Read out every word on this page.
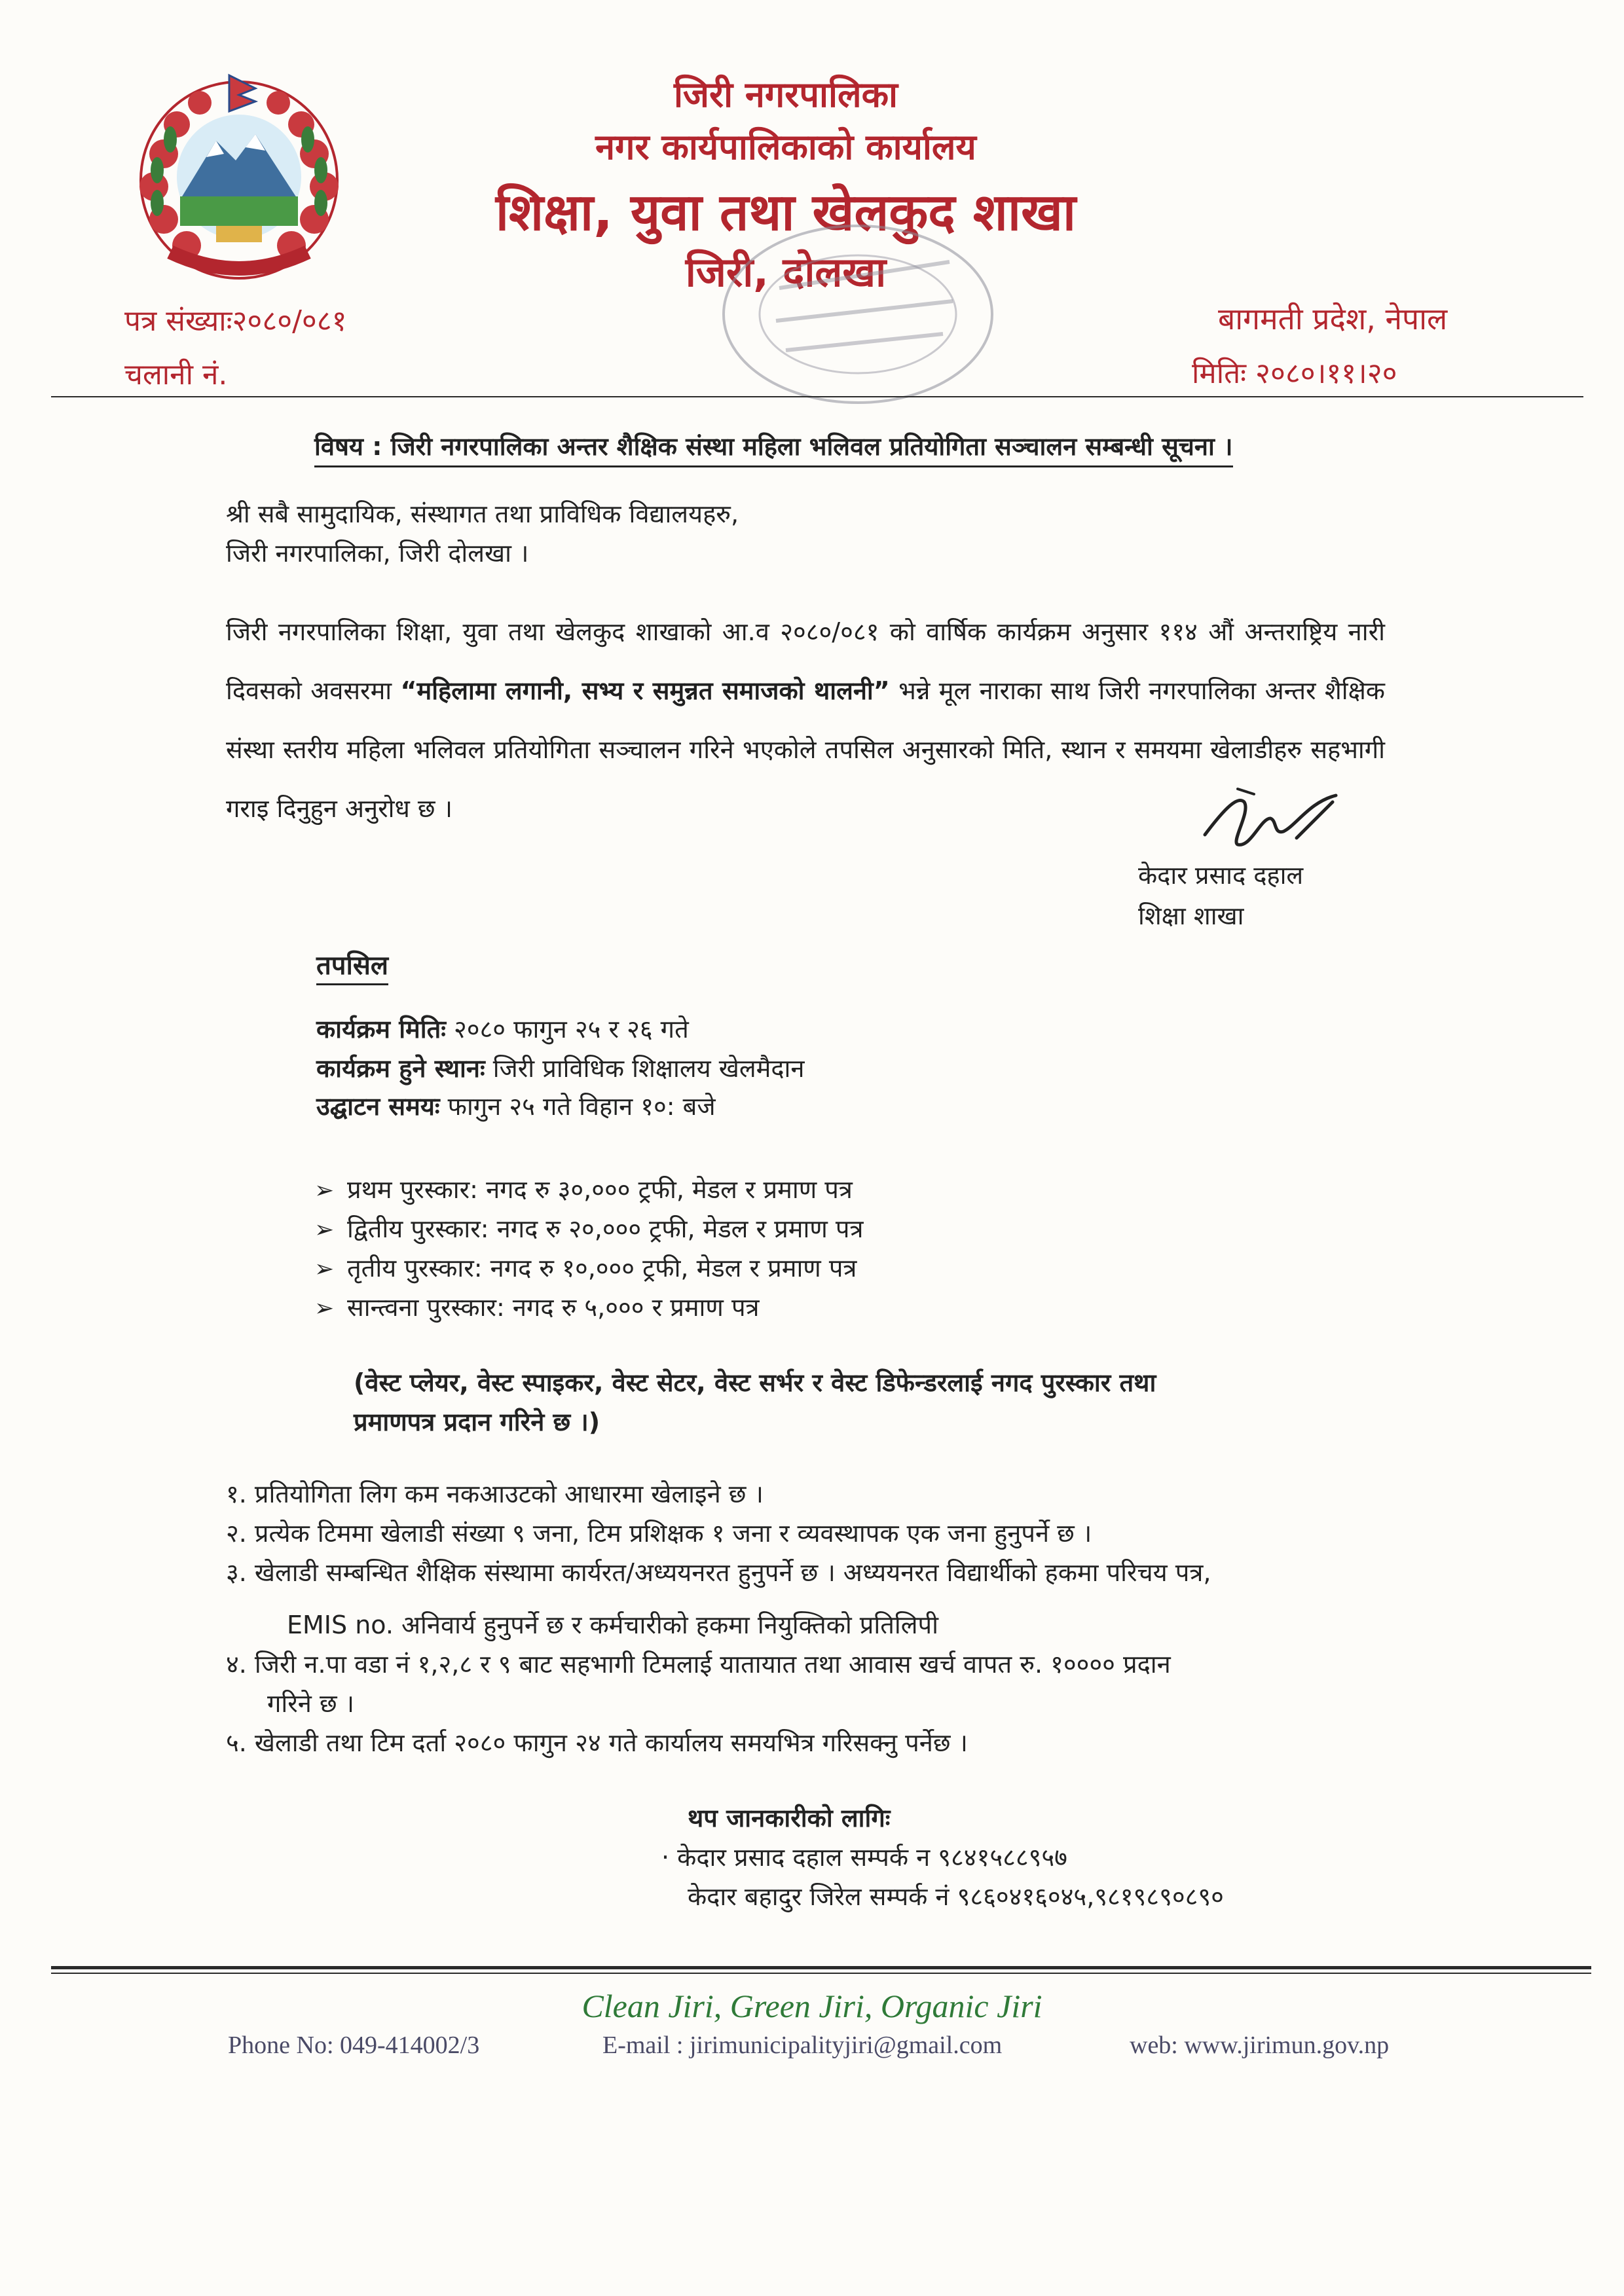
जिरी नगरपालिका
नगर कार्यपालिकाको कार्यालय
शिक्षा, युवा तथा खेलकुद शाखा
जिरी, दोलखा
पत्र संख्याः२०८०/०८१
चलानी नं.
बागमती प्रदेश, नेपाल
मितिः २०८०।११।२०
विषय : जिरी नगरपालिका अन्तर शैक्षिक संस्था महिला भलिवल प्रतियोगिता सञ्चालन सम्बन्धी सूचना ।
श्री सबै सामुदायिक, संस्थागत तथा प्राविधिक विद्यालयहरु,
जिरी नगरपालिका, जिरी दोलखा ।
जिरी नगरपालिका शिक्षा, युवा तथा खेलकुद शाखाको आ.व २०८०/०८१ को वार्षिक कार्यक्रम अनुसार ११४ औं अन्तराष्ट्रिय नारी दिवसको अवसरमा “महिलामा लगानी, सभ्य र समुन्नत समाजको थालनी” भन्ने मूल नाराका साथ जिरी नगरपालिका अन्तर शैक्षिक संस्था स्तरीय महिला भलिवल प्रतियोगिता सञ्चालन गरिने भएकोले तपसिल अनुसारको मिति, स्थान र समयमा खेलाडीहरु सहभागी गराइ दिनुहुन अनुरोध छ ।
केदार प्रसाद दहाल
शिक्षा शाखा
तपसिल
कार्यक्रम मितिः २०८० फागुन २५ र २६ गते
कार्यक्रम हुने स्थानः जिरी प्राविधिक शिक्षालय खेलमैदान
उद्घाटन समयः फागुन २५ गते विहान १०: बजे
➢ प्रथम पुरस्कार: नगद रु ३०,००० ट्रफी, मेडल र प्रमाण पत्र
➢ द्वितीय पुरस्कार: नगद रु २०,००० ट्रफी, मेडल र प्रमाण पत्र
➢ तृतीय पुरस्कार: नगद रु १०,००० ट्रफी, मेडल र प्रमाण पत्र
➢ सान्त्वना पुरस्कार: नगद रु ५,००० र प्रमाण पत्र
(वेस्ट प्लेयर, वेस्ट स्पाइकर, वेस्ट सेटर, वेस्ट सर्भर र वेस्ट डिफेन्डरलाई नगद पुरस्कार तथा
प्रमाणपत्र प्रदान गरिने छ ।)
१. प्रतियोगिता लिग कम नकआउटको आधारमा खेलाइने छ ।
२. प्रत्येक टिममा खेलाडी संख्या ९ जना, टिम प्रशिक्षक १ जना र व्यवस्थापक एक जना हुनुपर्ने छ ।
३. खेलाडी सम्बन्धित शैक्षिक संस्थामा कार्यरत/अध्ययनरत हुनुपर्ने छ । अध्ययनरत विद्यार्थीको हकमा परिचय पत्र,
EMIS no. अनिवार्य हुनुपर्ने छ र कर्मचारीको हकमा नियुक्तिको प्रतिलिपी
४. जिरी न.पा वडा नं १,२,८ र ९ बाट सहभागी टिमलाई यातायात तथा आवास खर्च वापत रु. १०००० प्रदान
गरिने छ ।
५. खेलाडी तथा टिम दर्ता २०८० फागुन २४ गते कार्यालय समयभित्र गरिसक्नु पर्नेछ ।
थप जानकारीको लागिः
· केदार प्रसाद दहाल सम्पर्क न ९८४१५८८९५७
केदार बहादुर जिरेल सम्पर्क नं ९८६०४१६०४५,९८१९८९०८९०
Clean Jiri, Green Jiri, Organic Jiri
Phone No: 049-414002/3	E-mail : jirimunicipalityjiri@gmail.com	web: www.jirimun.gov.np
